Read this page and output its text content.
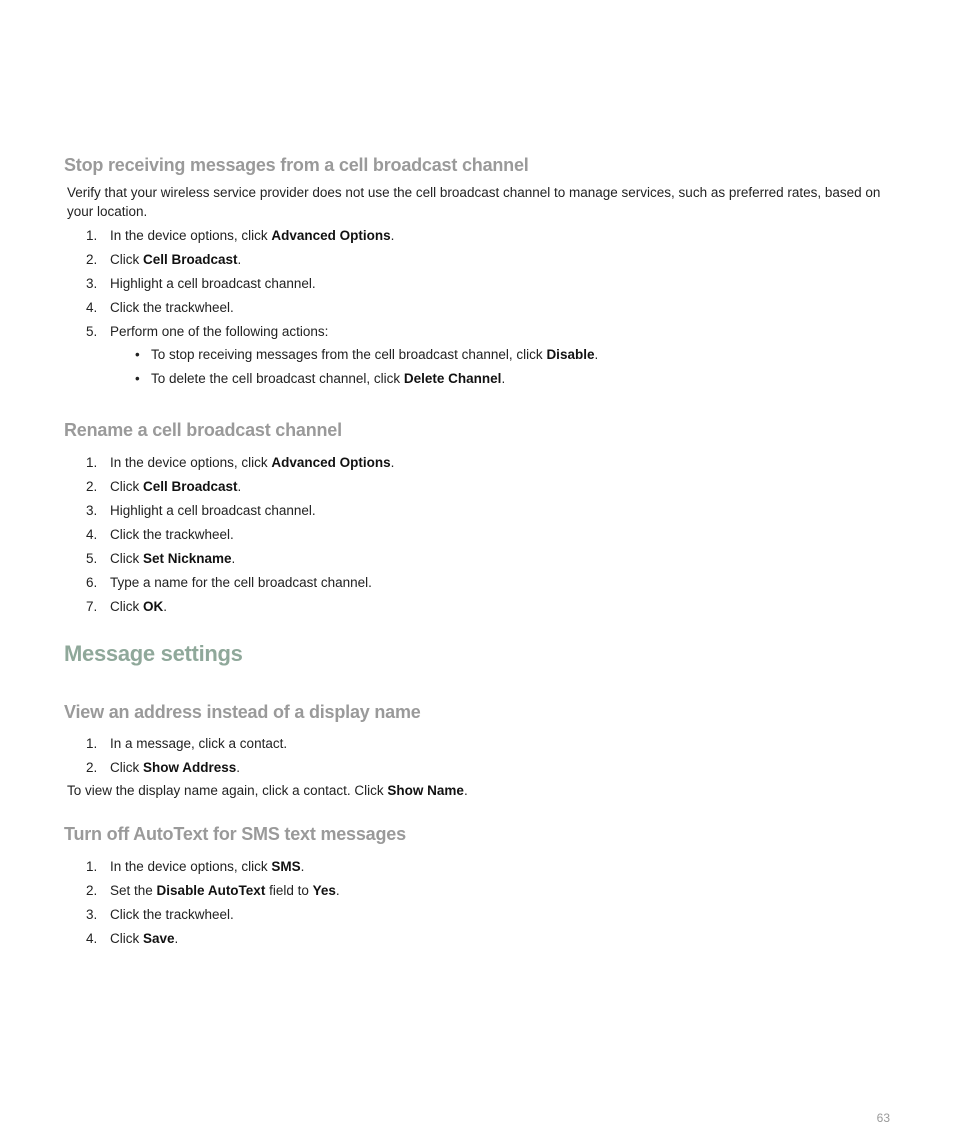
Stop receiving messages from a cell broadcast channel

Verify that your wireless service provider does not use the cell broadcast channel to manage services, such as preferred rates, based on your location.

1. In the device options, click Advanced Options.
2. Click Cell Broadcast.
3. Highlight a cell broadcast channel.
4. Click the trackwheel.
5. Perform one of the following actions:
• To stop receiving messages from the cell broadcast channel, click Disable.
• To delete the cell broadcast channel, click Delete Channel.
Rename a cell broadcast channel
1. In the device options, click Advanced Options.
2. Click Cell Broadcast.
3. Highlight a cell broadcast channel.
4. Click the trackwheel.
5. Click Set Nickname.
6. Type a name for the cell broadcast channel.
7. Click OK.
Message settings
View an address instead of a display name
1. In a message, click a contact.
2. Click Show Address.

To view the display name again, click a contact. Click Show Name.

Turn off AutoText for SMS text messages
1. In the device options, click SMS.
2. Set the Disable AutoText field to Yes.
3. Click the trackwheel.
4. Click Save.
63
